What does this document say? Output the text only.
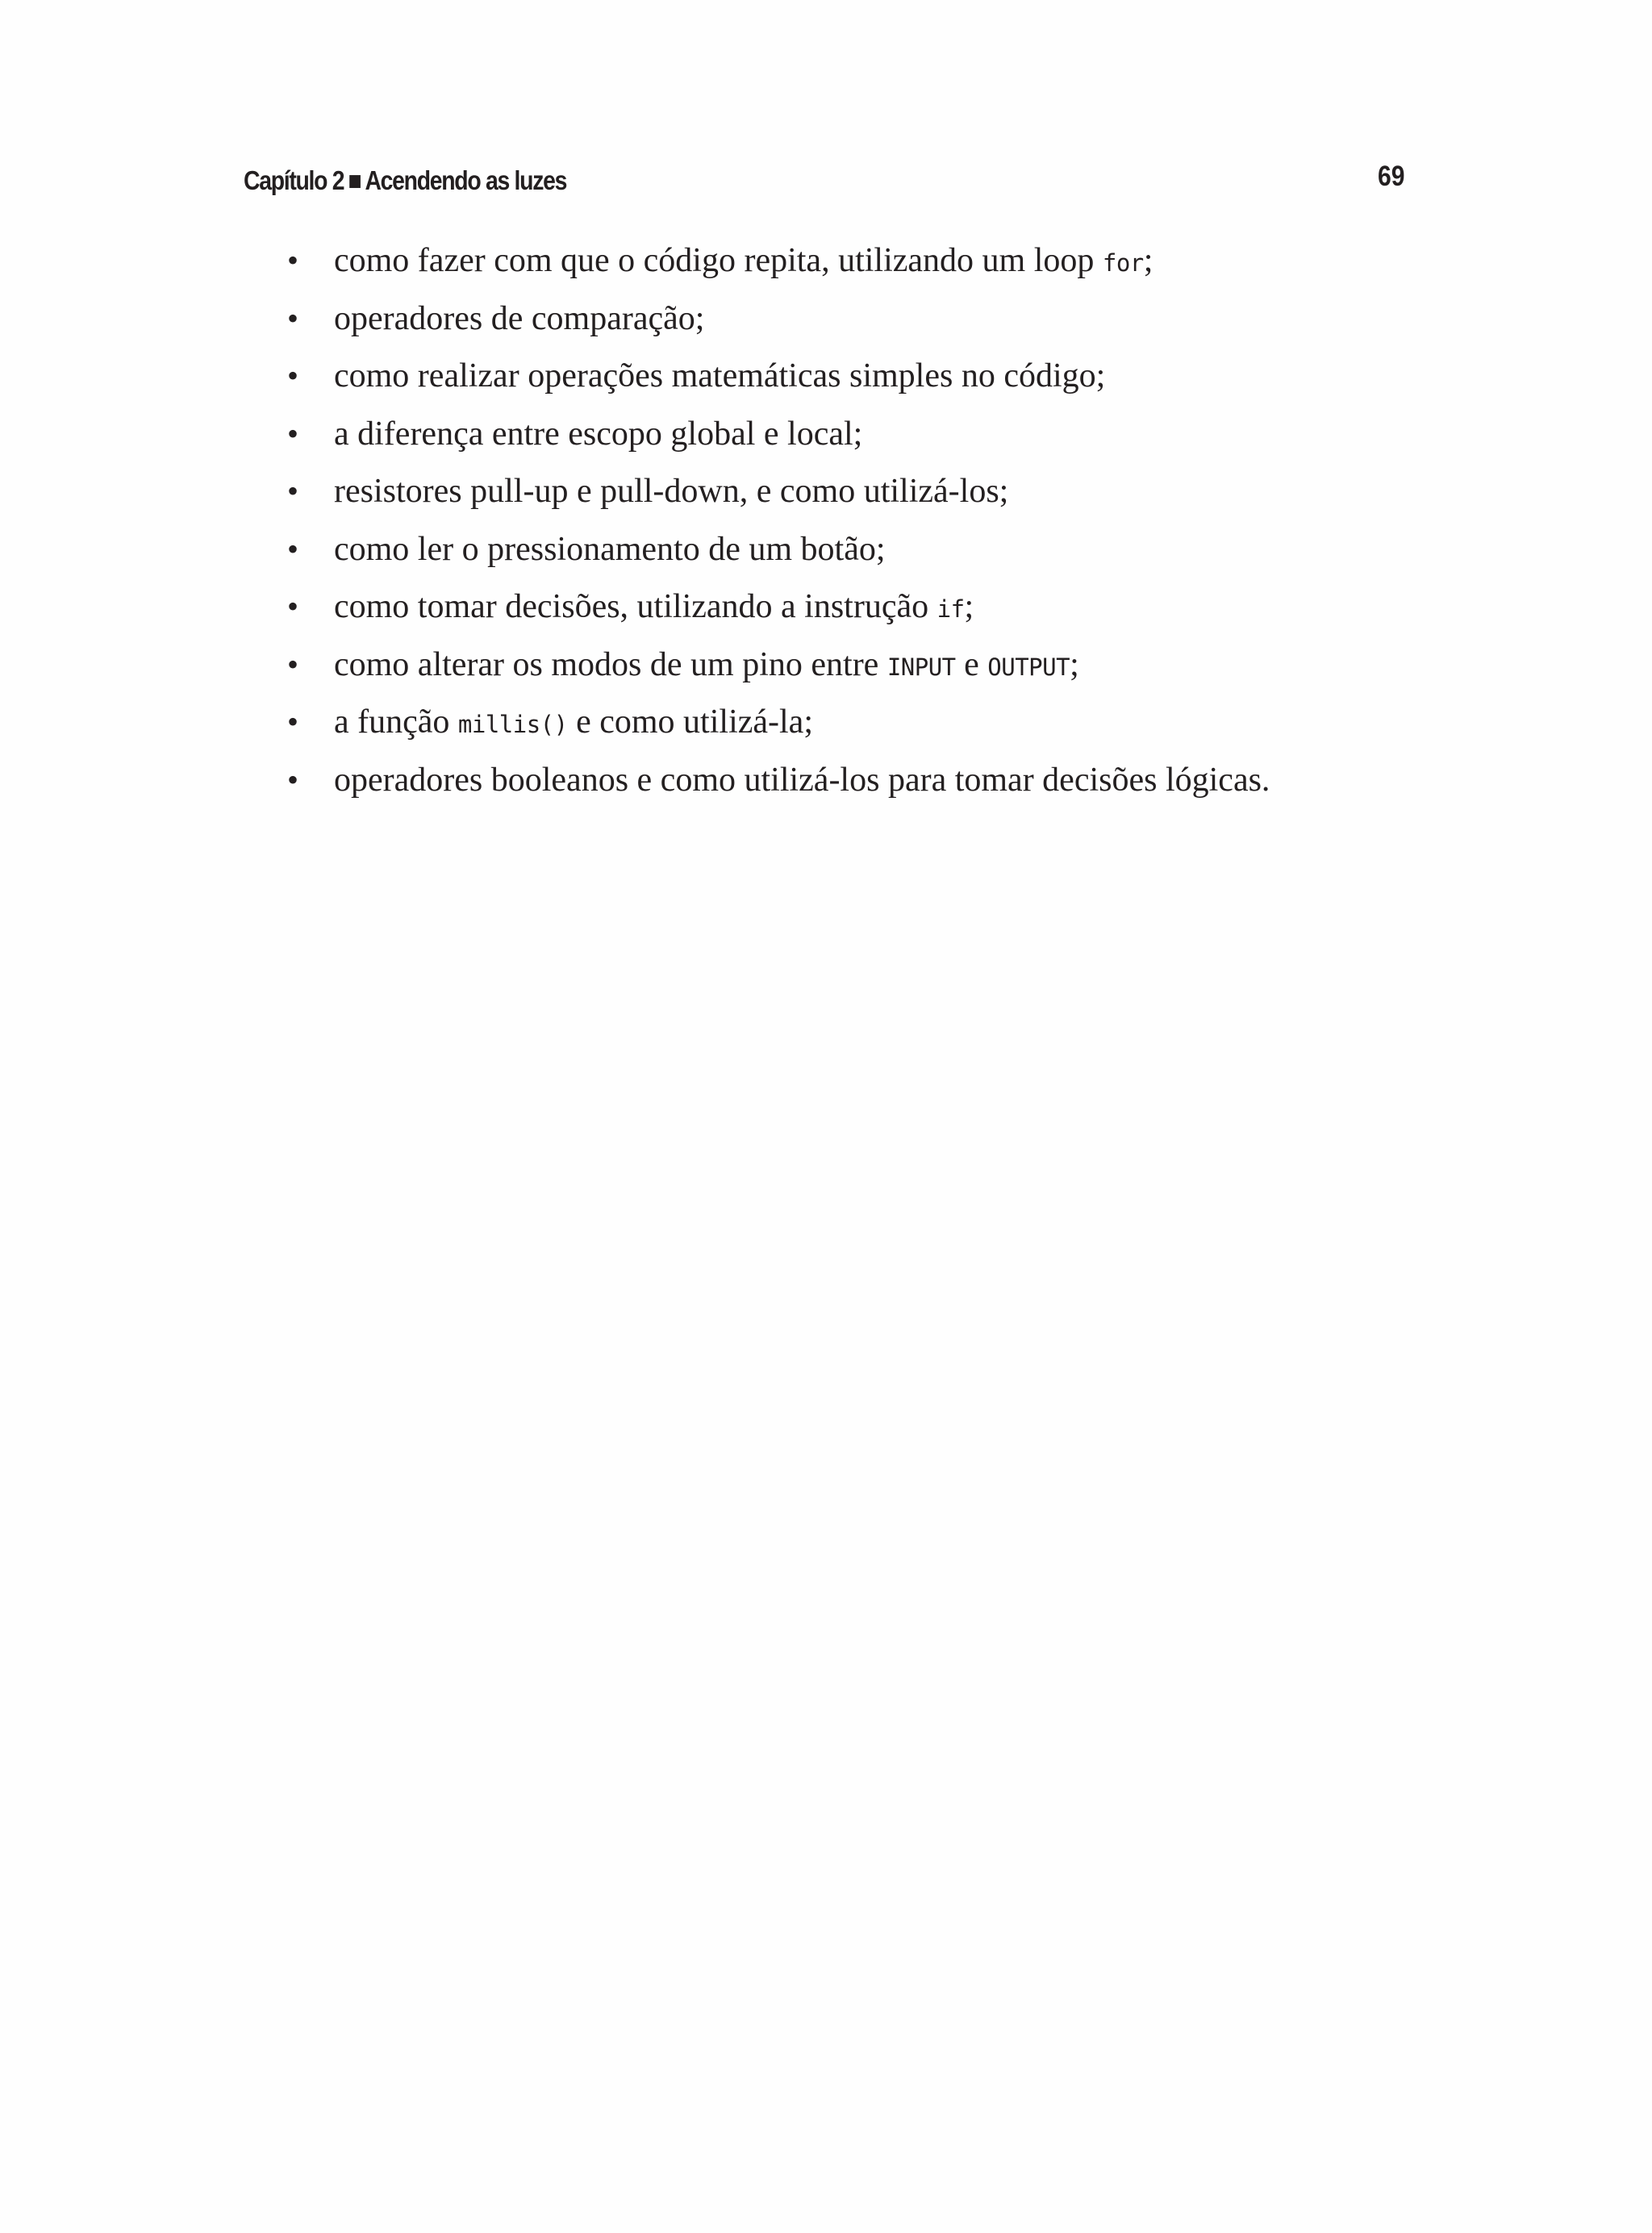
Capítulo 2 ■ Acendendo as luzes	69
• como fazer com que o código repita, utilizando um loop for;
• operadores de comparação;
• como realizar operações matemáticas simples no código;
• a diferença entre escopo global e local;
• resistores pull-up e pull-down, e como utilizá-los;
• como ler o pressionamento de um botão;
• como tomar decisões, utilizando a instrução if;
• como alterar os modos de um pino entre INPUT e OUTPUT;
• a função millis() e como utilizá-la;
• operadores booleanos e como utilizá-los para tomar decisões lógicas.
